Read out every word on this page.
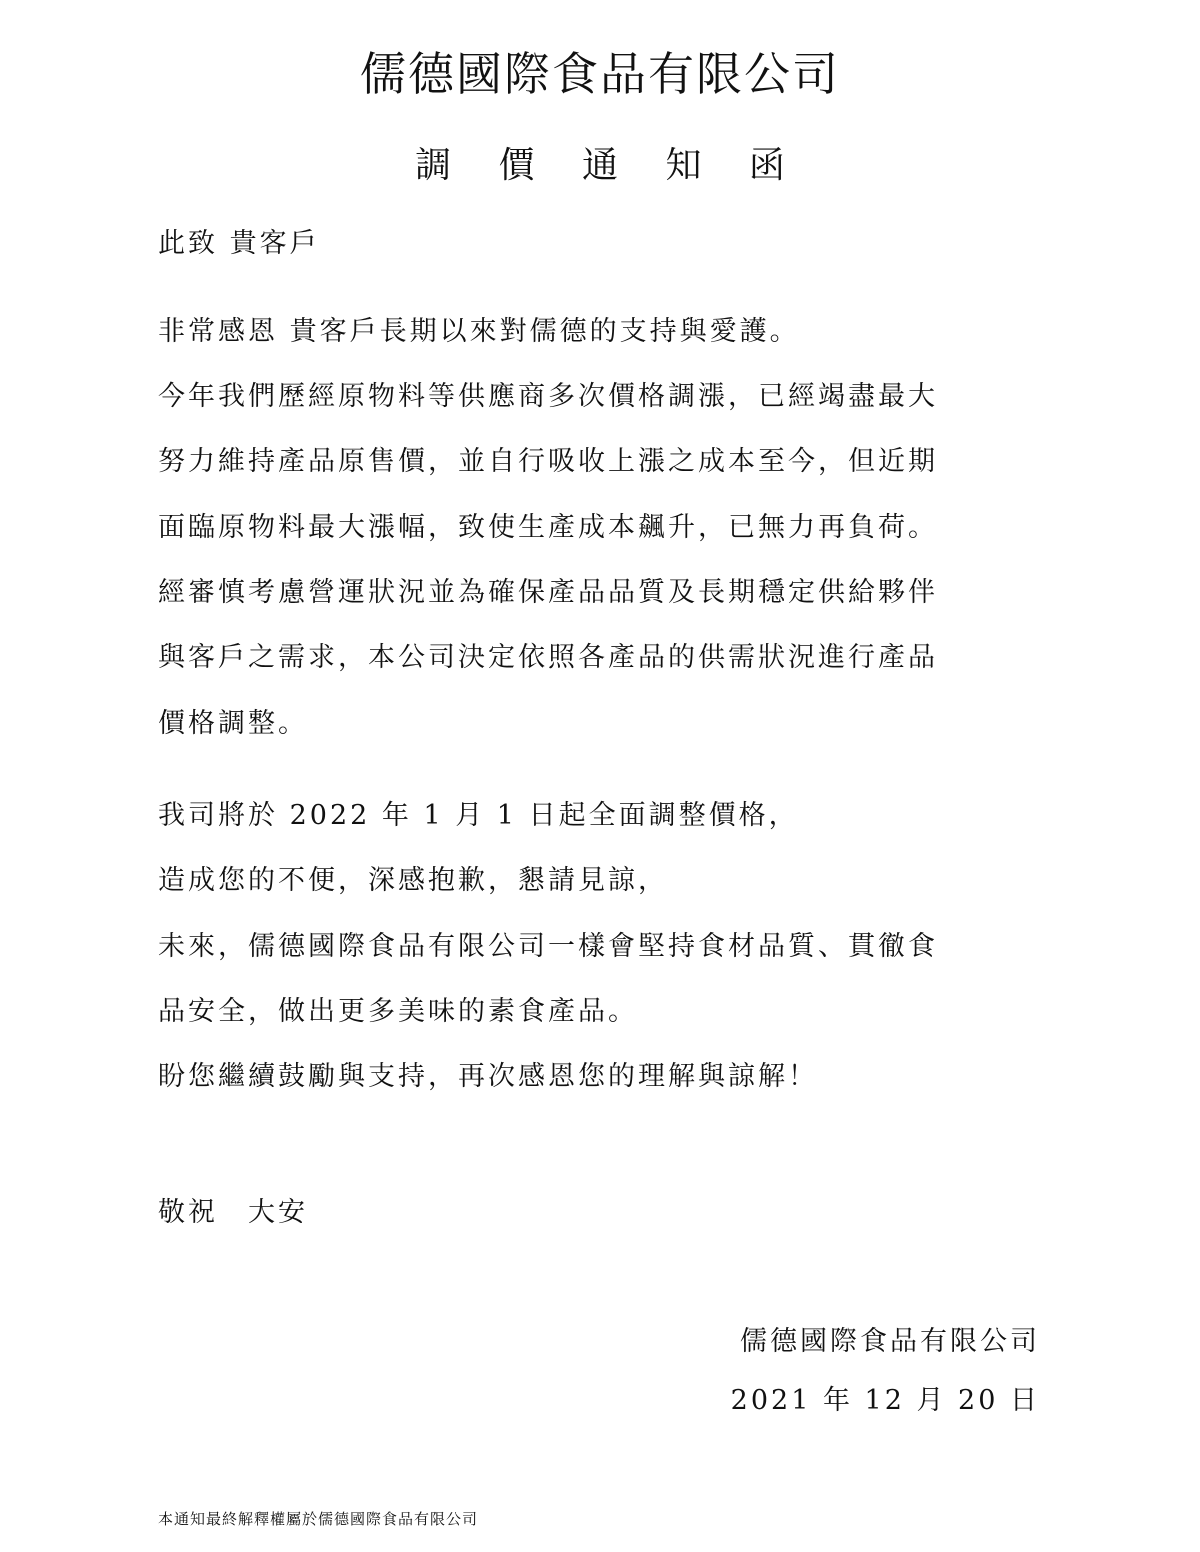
儒德國際食品有限公司

調 價 通 知 函

此致 貴客戶

非常感恩 貴客戶長期以來對儒德的支持與愛護。

今年我們歷經原物料等供應商多次價格調漲，已經竭盡最大

努力維持產品原售價，並自行吸收上漲之成本至今，但近期

面臨原物料最大漲幅，致使生產成本飆升，已無力再負荷。

經審慎考慮營運狀況並為確保產品品質及長期穩定供給夥伴

與客戶之需求，本公司決定依照各產品的供需狀況進行產品

價格調整。

我司將於 2022 年 1 月 1 日起全面調整價格，

造成您的不便，深感抱歉，懇請見諒，

未來，儒德國際食品有限公司一樣會堅持食材品質、貫徹食

品安全，做出更多美味的素食產品。

盼您繼續鼓勵與支持，再次感恩您的理解與諒解！

敬祝　大安

儒德國際食品有限公司

2021 年 12 月 20 日

本通知最終解釋權屬於儒德國際食品有限公司
